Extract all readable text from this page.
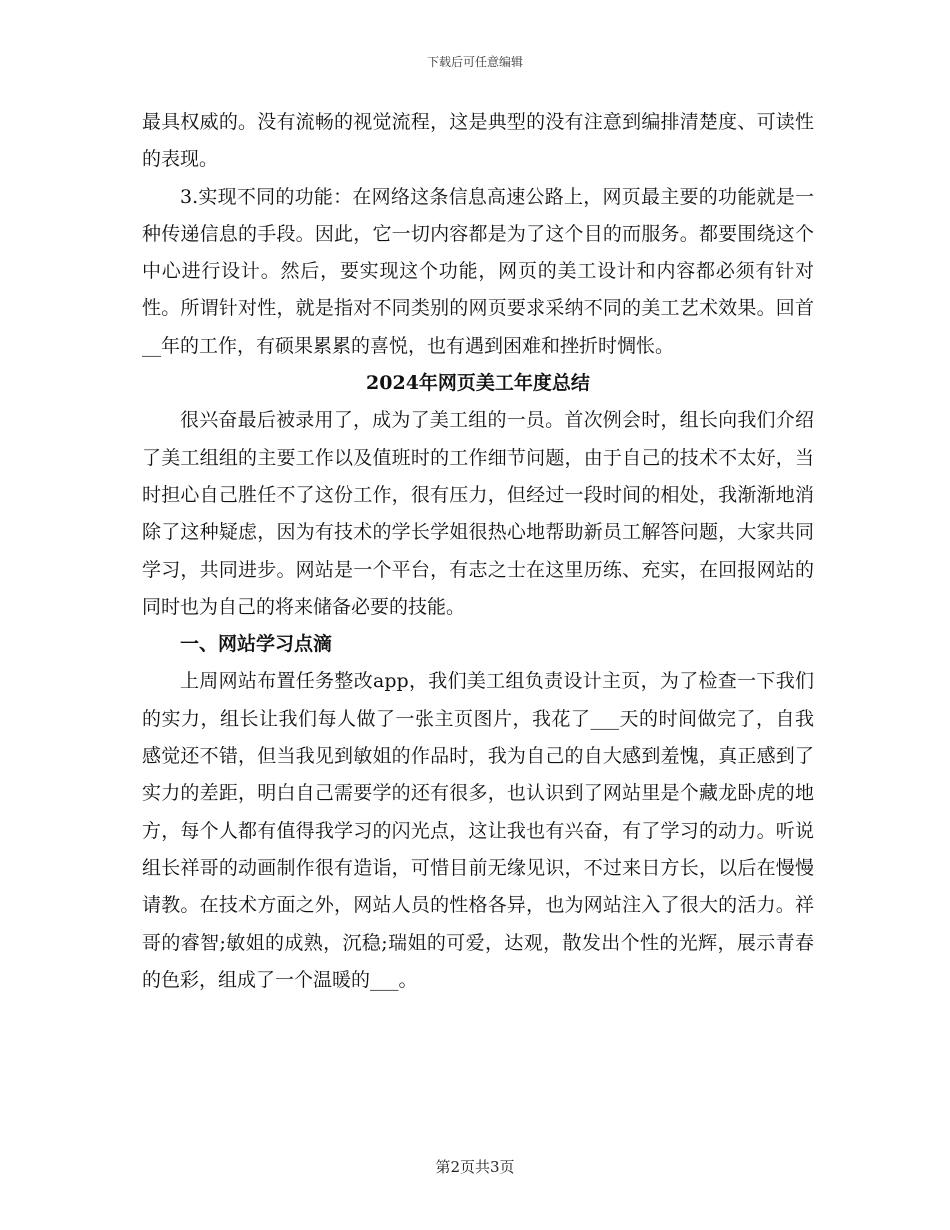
下载后可任意编辑

最具权威的。没有流畅的视觉流程，这是典型的没有注意到编排清楚度、可读性的表现。

3.实现不同的功能：在网络这条信息高速公路上，网页最主要的功能就是一种传递信息的手段。因此，它一切内容都是为了这个目的而服务。都要围绕这个中心进行设计。然后，要实现这个功能，网页的美工设计和内容都必须有针对性。所谓针对性，就是指对不同类别的网页要求采纳不同的美工艺术效果。回首__年的工作，有硕果累累的喜悦，也有遇到困难和挫折时惆怅。

2024年网页美工年度总结

很兴奋最后被录用了，成为了美工组的一员。首次例会时，组长向我们介绍了美工组组的主要工作以及值班时的工作细节问题，由于自己的技术不太好，当时担心自己胜任不了这份工作，很有压力，但经过一段时间的相处，我渐渐地消除了这种疑虑，因为有技术的学长学姐很热心地帮助新员工解答问题，大家共同学习，共同进步。网站是一个平台，有志之士在这里历练、充实，在回报网站的同时也为自己的将来储备必要的技能。

一、网站学习点滴

上周网站布置任务整改app，我们美工组负责设计主页，为了检查一下我们的实力，组长让我们每人做了一张主页图片，我花了___天的时间做完了，自我感觉还不错，但当我见到敏姐的作品时，我为自己的自大感到羞愧，真正感到了实力的差距，明白自己需要学的还有很多，也认识到了网站里是个藏龙卧虎的地方，每个人都有值得我学习的闪光点，这让我也有兴奋，有了学习的动力。听说组长祥哥的动画制作很有造诣，可惜目前无缘见识，不过来日方长，以后在慢慢请教。在技术方面之外，网站人员的性格各异，也为网站注入了很大的活力。祥哥的睿智;敏姐的成熟，沉稳;瑞姐的可爱，达观，散发出个性的光辉，展示青春的色彩，组成了一个温暖的___。

第2页共3页
